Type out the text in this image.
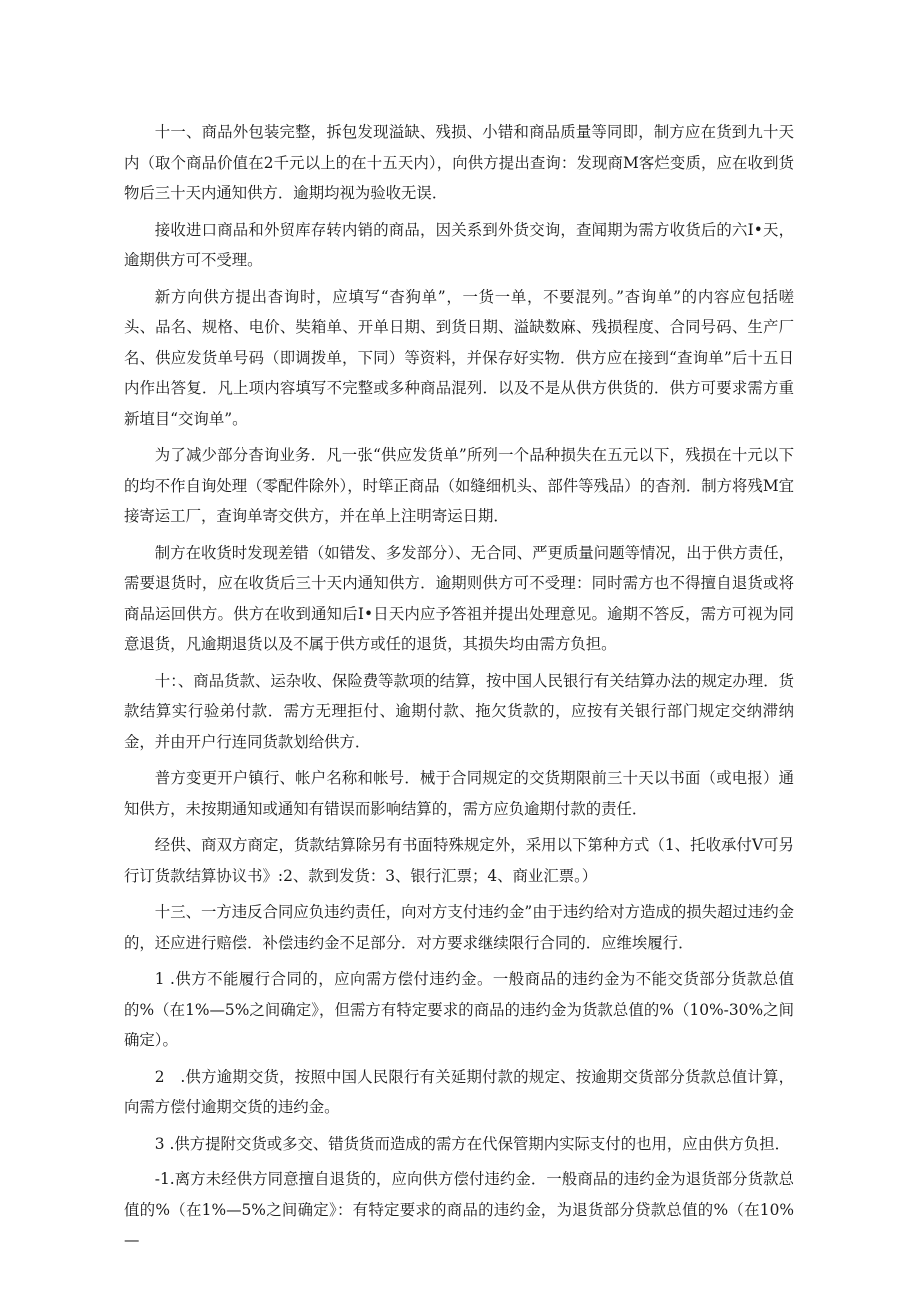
十一、商品外包装完整，拆包发现溢缺、残损、小错和商品质量等同即，制方应在货到九十天内（取个商品价值在2千元以上的在十五天内），向供方提出查询：发现商M客烂变质，应在收到货物后三十天内通知供方．逾期均视为验收无误．

接收进口商品和外贸库存转内销的商品，因关系到外货交询，查闻期为需方收货后的六I•天，逾期供方可不受理。

新方向供方提出杳询时，应填写“杳狗单”，一货一单，不要混列。”杳询单”的内容应包括嗟头、品名、规格、电价、奘箱单、开单日期、到货日期、溢缺数麻、残损程度、合同号码、生产厂名、供应发货单号码（即调拨单，下同）等资料，并保存好实物．供方应在接到“查询单”后十五日内作出答复．凡上项内容填写不完整或多种商品混列．以及不是从供方供货的．供方可要求需方重新埴目“交询单”。

为了减少部分杳询业务．凡一张“供应发货单”所列一个品种损失在五元以下，残损在十元以下的均不作自询处理（零配件除外），时筚正商品（如缝细机头、部件等残品）的杳剂．制方将残M宜接寄运工厂，查询单寄交供方，并在单上注明寄运日期．

制方在收货时发现差错（如错发、多发部分）、无合同、严更质量问题等情况，出于供方责任，需要退货时，应在收货后三十天内通知供方．逾期则供方可不受理：同时需方也不得擅自退货或将商品运回供方。供方在收到通知后I•日天内应予答祖并提出处理意见。逾期不答反，需方可视为同意退货，凡逾期退货以及不属于供方或任的退货，其损失均由需方负担。

十：、商品货款、运杂收、保险费等款项的结算，按中国人民银行有关结算办法的规定办理．货款结算实行验弟付款．需方无理拒付、逾期付款、拖欠货款的，应按有关银行部门规定交纳滞纳金，并由开户行连同货款划给供方．

普方变更开户镇行、帐户名称和帐号．械于合同规定的交货期限前三十天以书面（或电报）通知供方，未按期通知或通知有错误而影响结算的，需方应负逾期付款的责任．

经供、商双方商定，货款结算除另有书面特殊规定外，采用以下第种方式（1、托收承付V可另行订货款结算协议书》:2、款到发货：3、银行汇票；4、商业汇票。）

十三、一方违反合同应负违约责任，向对方支付违约金”由于违约给对方造成的损失超过违约金的，还应进行赔偿．补偿违约金不足部分．对方要求继续限行合同的．应维埃履行．

1 .供方不能履行合同的，应向需方偿付违约金。一般商品的违约金为不能交货部分货款总值的%（在1%—5%之间确定》，但需方有特定要求的商品的违约金为货款总值的%（10%-30%之间确定）。

2　.供方逾期交货，按照中国人民限行有关延期付款的规定、按逾期交货部分货款总值计算，向需方偿付逾期交货的违约金。

3 .供方提附交货或多交、错货货而造成的需方在代保管期内实际支付的也用，应由供方负担．

-1.离方未经供方同意擅自退货的，应向供方偿付违约金．一般商品的违约金为退货部分货款总值的%（在1%—5%之间确定》：有特定要求的商品的违约金，为退货部分贷款总值的%（在10%—
